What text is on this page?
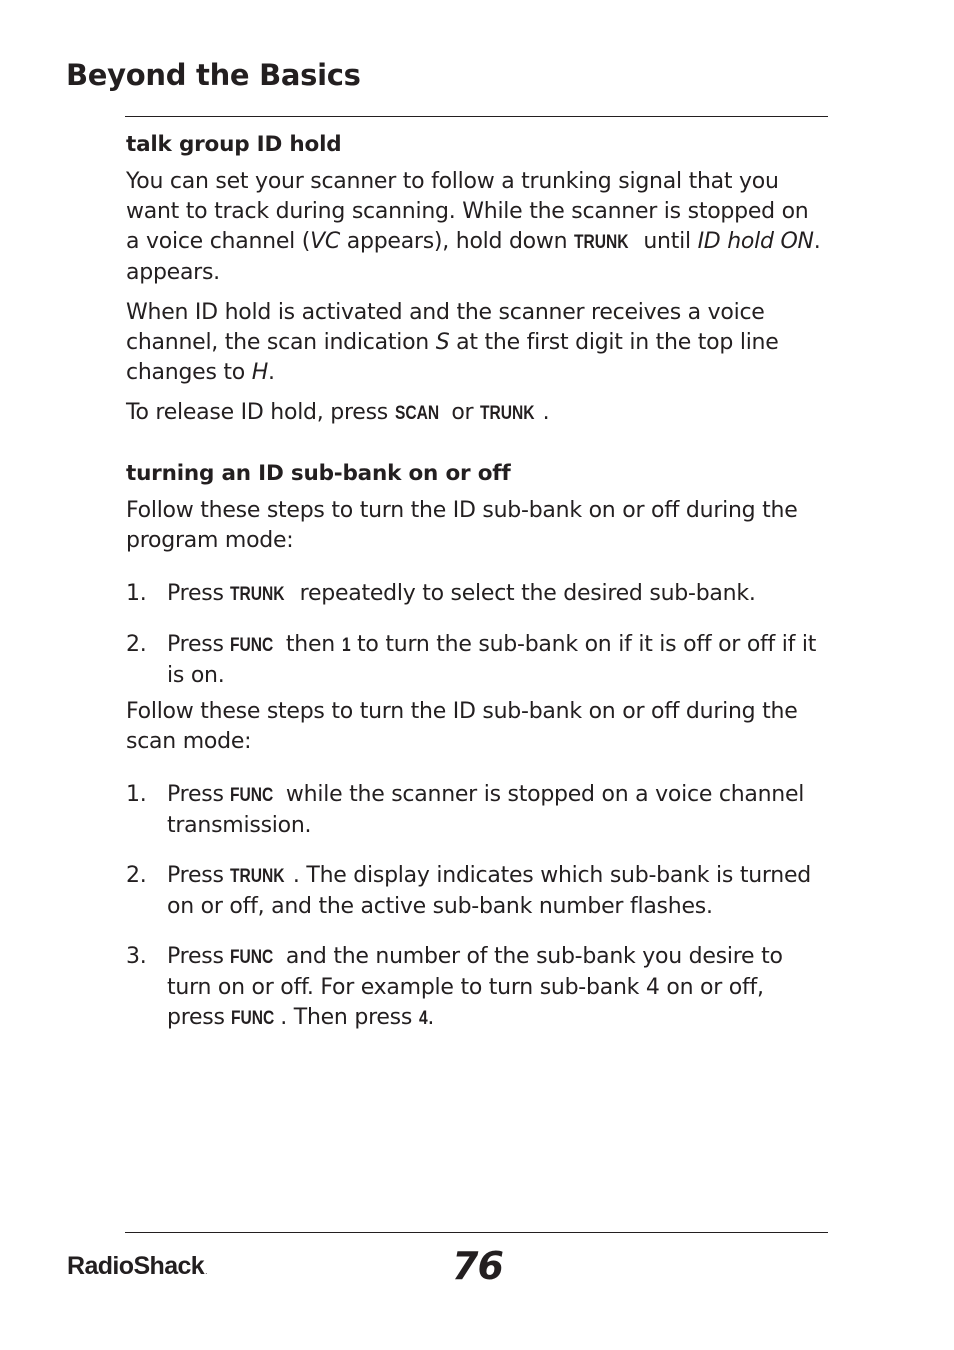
Beyond the Basics
talk group ID hold

You can set your scanner to follow a trunking signal that you want to track during scanning. While the scanner is stopped on a voice channel (VC appears), hold down TRUNK until ID hold ON. appears.

When ID hold is activated and the scanner receives a voice channel, the scan indication S at the first digit in the top line changes to H.

To release ID hold, press SCAN or TRUNK .

turning an ID sub-bank on or off

Follow these steps to turn the ID sub-bank on or off during the program mode:

1. Press TRUNK repeatedly to select the desired sub-bank.
2. Press FUNC then 1 to turn the sub-bank on if it is off or off if it is on.

Follow these steps to turn the ID sub-bank on or off during the scan mode:

1. Press FUNC while the scanner is stopped on a voice channel transmission.
2. Press TRUNK . The display indicates which sub-bank is turned on or off, and the active sub-bank number flashes.
3. Press FUNC and the number of the sub-bank you desire to turn on or off. For example to turn sub-bank 4 on or off, press FUNC . Then press 4.
RadioShack.	76
